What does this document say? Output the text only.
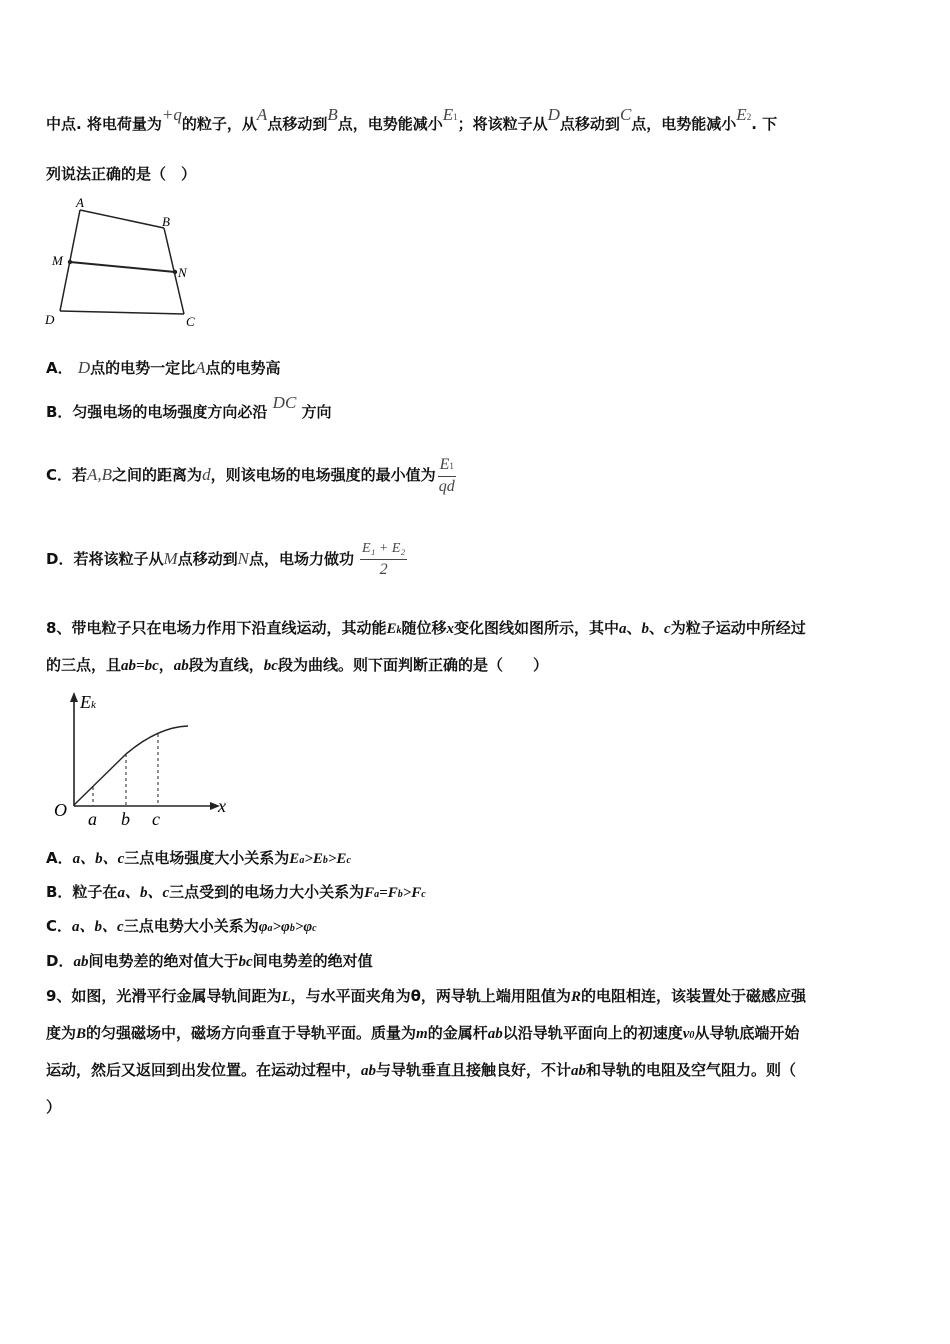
中点. 将电荷量为+q的粒子，从A点移动到B点，电势能减小E1；将该粒子从D点移动到C点，电势能减小E2. 下
列说法正确的是（　）
A
B
M
N
D	C
A． D点的电势一定比A点的电势高
B．匀强电场的电场强度方向必沿 DC 方向
C．若A,B之间的距离为d，则该电场的电场强度的最小值为 $\frac{E1}{qd}$
D．若将该粒子从M点移动到N点，电场力做功 $\frac{\text{E₁ + E₂}}{2}$
8、带电粒子只在电场力作用下沿直线运动，其动能Ek随位移x变化图线如图所示，其中a、b、c为粒子运动中所经过
的三点，且ab=bc，ab段为直线，bc段为曲线。则下面判断正确的是（　　）
Ek
x
O a b c
A．a、b、c三点电场强度大小关系为Ea>Eb>Ec
B．粒子在a、b、c三点受到的电场力大小关系为Fa=Fb>Fc
C．a、b、c三点电势大小关系为φa>φb>φc
D．ab间电势差的绝对值大于bc间电势差的绝对值
9、如图，光滑平行金属导轨间距为L，与水平面夹角为θ，两导轨上端用阻值为R的电阻相连，该装置处于磁感应强
度为B的匀强磁场中，磁场方向垂直于导轨平面。质量为m的金属杆ab以沿导轨平面向上的初速度v0从导轨底端开始
运动，然后又返回到出发位置。在运动过程中，ab与导轨垂直且接触良好，不计ab和导轨的电阻及空气阻力。则（
）
